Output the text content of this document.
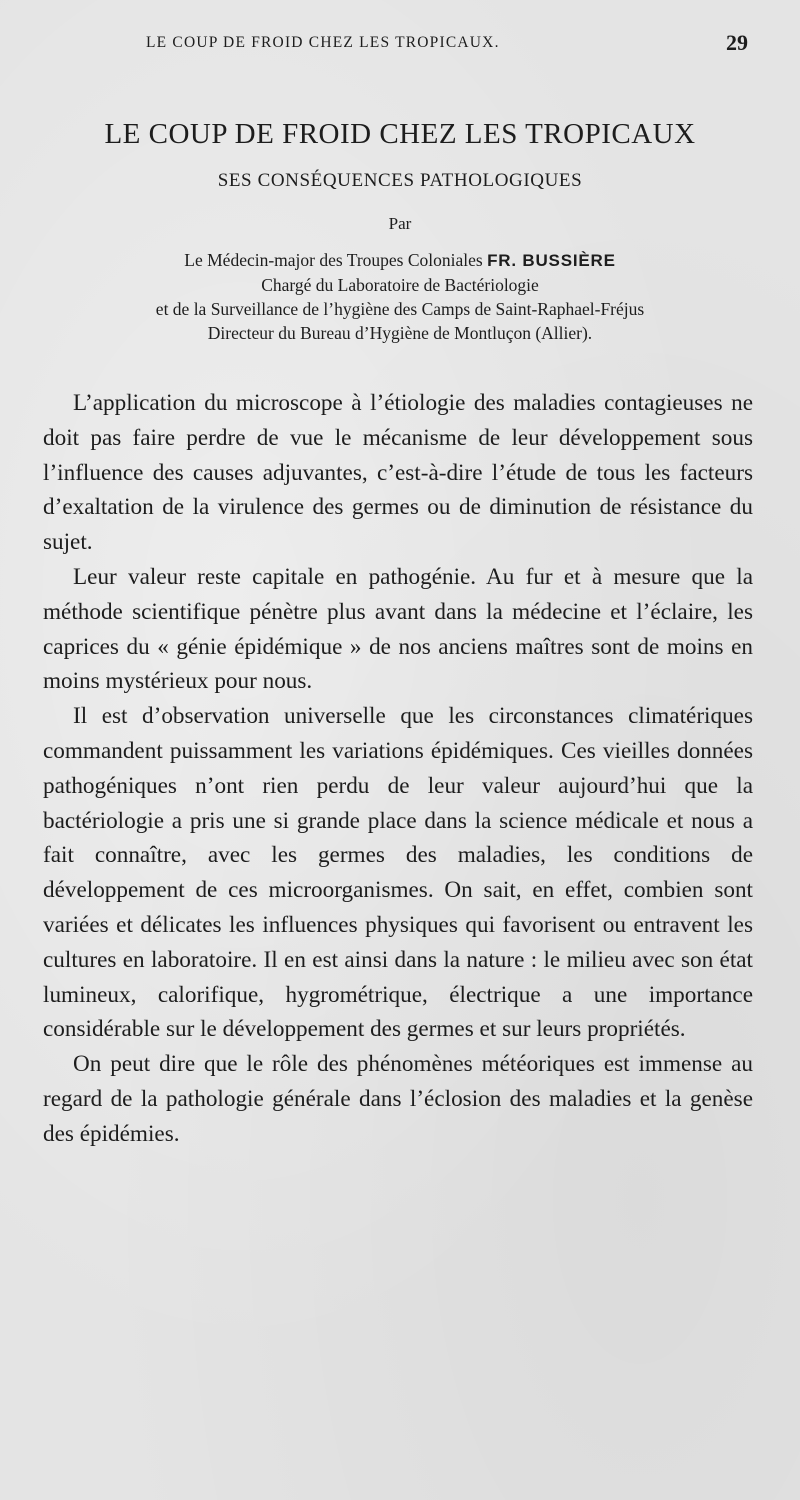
LE COUP DE FROID CHEZ LES TROPICAUX.	29
LE COUP DE FROID CHEZ LES TROPICAUX
SES CONSÉQUENCES PATHOLOGIQUES
Par
Le Médecin-major des Troupes Coloniales FR. BUSSIÈRE
Chargé du Laboratoire de Bactériologie
et de la Surveillance de l’hygiène des Camps de Saint-Raphael-Fréjus
Directeur du Bureau d’Hygiène de Montluçon (Allier).

L’application du microscope à l’étiologie des maladies contagieuses ne doit pas faire perdre de vue le mécanisme de leur développement sous l’influence des causes adjuvantes, c’est-à-dire l’étude de tous les facteurs d’exaltation de la virulence des germes ou de diminution de résistance du sujet.

Leur valeur reste capitale en pathogénie. Au fur et à mesure que la méthode scientifique pénètre plus avant dans la médecine et l’éclaire, les caprices du « génie épidémique » de nos anciens maîtres sont de moins en moins mystérieux pour nous.

Il est d’observation universelle que les circonstances climatériques commandent puissamment les variations épidémiques. Ces vieilles données pathogéniques n’ont rien perdu de leur valeur aujourd’hui que la bactériologie a pris une si grande place dans la science médicale et nous a fait connaître, avec les germes des maladies, les conditions de développement de ces microorganismes. On sait, en effet, combien sont variées et délicates les influences physiques qui favorisent ou entravent les cultures en laboratoire. Il en est ainsi dans la nature : le milieu avec son état lumineux, calorifique, hygrométrique, électrique a une importance considérable sur le développement des germes et sur leurs propriétés.

On peut dire que le rôle des phénomènes météoriques est immense au regard de la pathologie générale dans l’éclosion des maladies et la genèse des épidémies.
